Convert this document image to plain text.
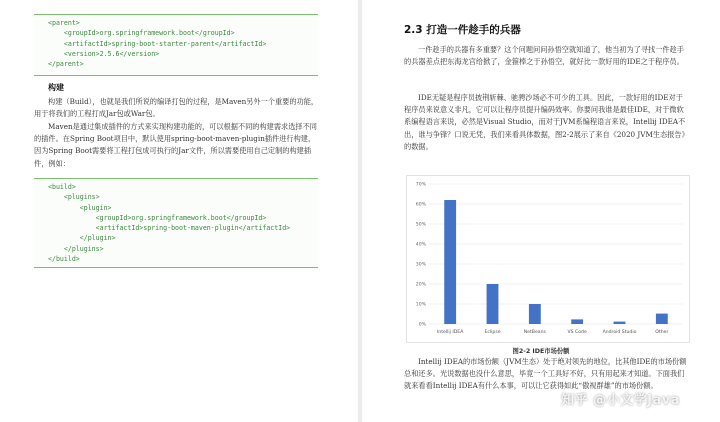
<parent>
<groupId>org.springframework.boot</groupId>
<artifactId>spring-boot-starter-parent</artifactId>
<version>2.5.6</version>
</parent>
构建

构建（Build），也就是我们所说的编译打包的过程，是Maven另外一个重要的功能，用于将我们的工程打成Jar包或War包。

Maven是通过集成插件的方式来实现构建功能的，可以根据不同的构建需求选择不同的插件。在Spring Boot项目中，默认使用spring-boot-maven-plugin插件进行构建，因为Spring Boot需要将工程打包成可执行的Jar文件，所以需要使用自己定制的构建插件，例如：

<build>
<plugins>
<plugin>
<groupId>org.springframework.boot</groupId>
<artifactId>spring-boot-maven-plugin</artifactId>
</plugin>
</plugins>
</build>
2.3 打造一件趁手的兵器

一件趁手的兵器有多重要？这个问题问问孙悟空就知道了，他当初为了寻找一件趁手的兵器差点把东海龙宫给掀了，金箍棒之于孙悟空，就好比一款好用的IDE之于程序员。

IDE无疑是程序员披荆斩棘、驰骋沙场必不可少的工具。因此，一款好用的IDE对于程序员来说意义非凡，它可以让程序员提升编码效率。你要问我谁是最佳IDE，对于微软系编程语言来说，必然是Visual Studio，而对于JVM系编程语言来说，Intellij IDEA不出，谁与争锋？口说无凭，我们来看具体数据，图2-2展示了来自《2020 JVM生态报告》的数据。

0%
10%
20%
30%
40%
50%
60%
70%
Intellij IDEA	Eclipse	NetBeans	VS Code	Android Studio	Other
图2-2 IDE市场份额

Intellij IDEA的市场份额（JVM生态）处于绝对领先的地位，比其他IDE的市场份额总和还多。光说数据也没什么意思，毕竟一个工具好不好，只有用起来才知道。下面我们就来看看Intellij IDEA有什么本事，可以让它获得如此“傲视群雄”的市场份额。

知乎 @小文学Java
